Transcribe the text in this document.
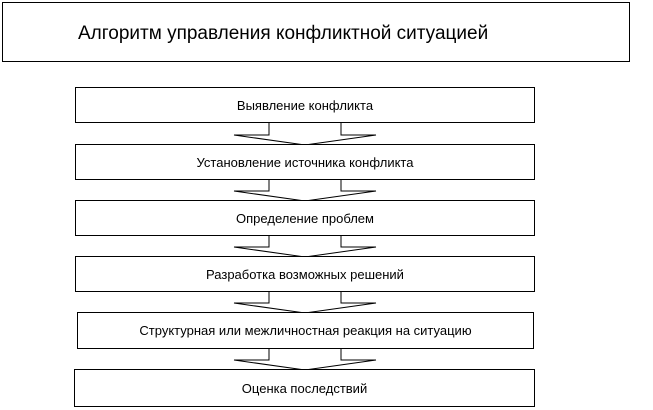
Алгоритм управления конфликтной ситуацией
Выявление конфликта
Установление источника конфликта
Определение проблем
Разработка возможных решений
Структурная или межличностная реакция на ситуацию
Оценка последствий
